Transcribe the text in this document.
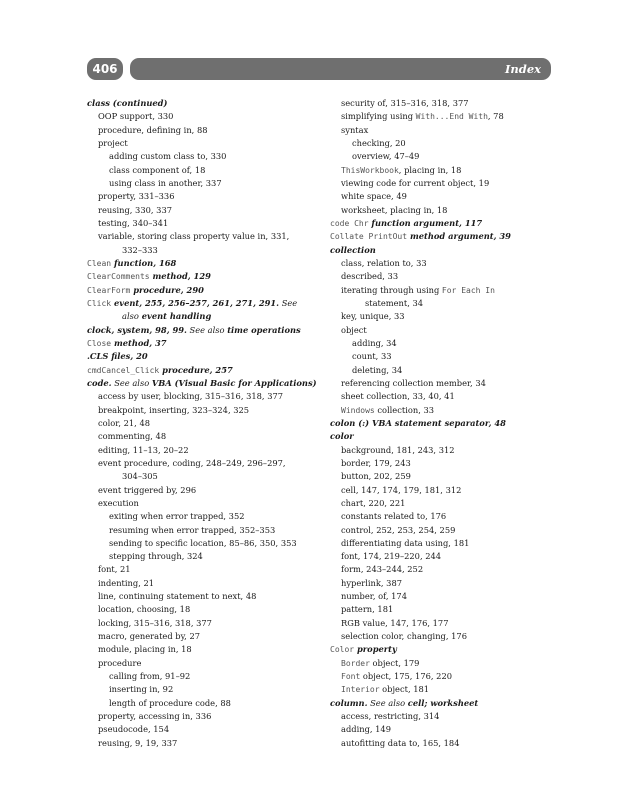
406	Index
class (continued)
OOP support, 330
procedure, defining in, 88
project
adding custom class to, 330
class component of, 18
using class in another, 337
property, 331–336
reusing, 330, 337
testing, 340–341
variable, storing class property value in, 331,
332–333
Clean function, 168
ClearComments method, 129
ClearForm procedure, 290
Click event, 255, 256–257, 261, 271, 291. See
also event handling
clock, system, 98, 99. See also time operations
Close method, 37
.CLS files, 20
cmdCancel_Click procedure, 257
code. See also VBA (Visual Basic for Applications)
access by user, blocking, 315–316, 318, 377
breakpoint, inserting, 323–324, 325
color, 21, 48
commenting, 48
editing, 11–13, 20–22
event procedure, coding, 248–249, 296–297,
304–305
event triggered by, 296
execution
exiting when error trapped, 352
resuming when error trapped, 352–353
sending to specific location, 85–86, 350, 353
stepping through, 324
font, 21
indenting, 21
line, continuing statement to next, 48
location, choosing, 18
locking, 315–316, 318, 377
macro, generated by, 27
module, placing in, 18
procedure
calling from, 91–92
inserting in, 92
length of procedure code, 88
property, accessing in, 336
pseudocode, 154
reusing, 9, 19, 337
security of, 315–316, 318, 377
simplifying using With...End With, 78
syntax
checking, 20
overview, 47–49
ThisWorkbook, placing in, 18
viewing code for current object, 19
white space, 49
worksheet, placing in, 18
code Chr function argument, 117
Collate PrintOut method argument, 39
collection
class, relation to, 33
described, 33
iterating through using For Each In
statement, 34
key, unique, 33
object
adding, 34
count, 33
deleting, 34
referencing collection member, 34
sheet collection, 33, 40, 41
Windows collection, 33
colon (:) VBA statement separator, 48
color
background, 181, 243, 312
border, 179, 243
button, 202, 259
cell, 147, 174, 179, 181, 312
chart, 220, 221
constants related to, 176
control, 252, 253, 254, 259
differentiating data using, 181
font, 174, 219–220, 244
form, 243–244, 252
hyperlink, 387
number, of, 174
pattern, 181
RGB value, 147, 176, 177
selection color, changing, 176
Color property
Border object, 179
Font object, 175, 176, 220
Interior object, 181
column. See also cell; worksheet
access, restricting, 314
adding, 149
autofitting data to, 165, 184
